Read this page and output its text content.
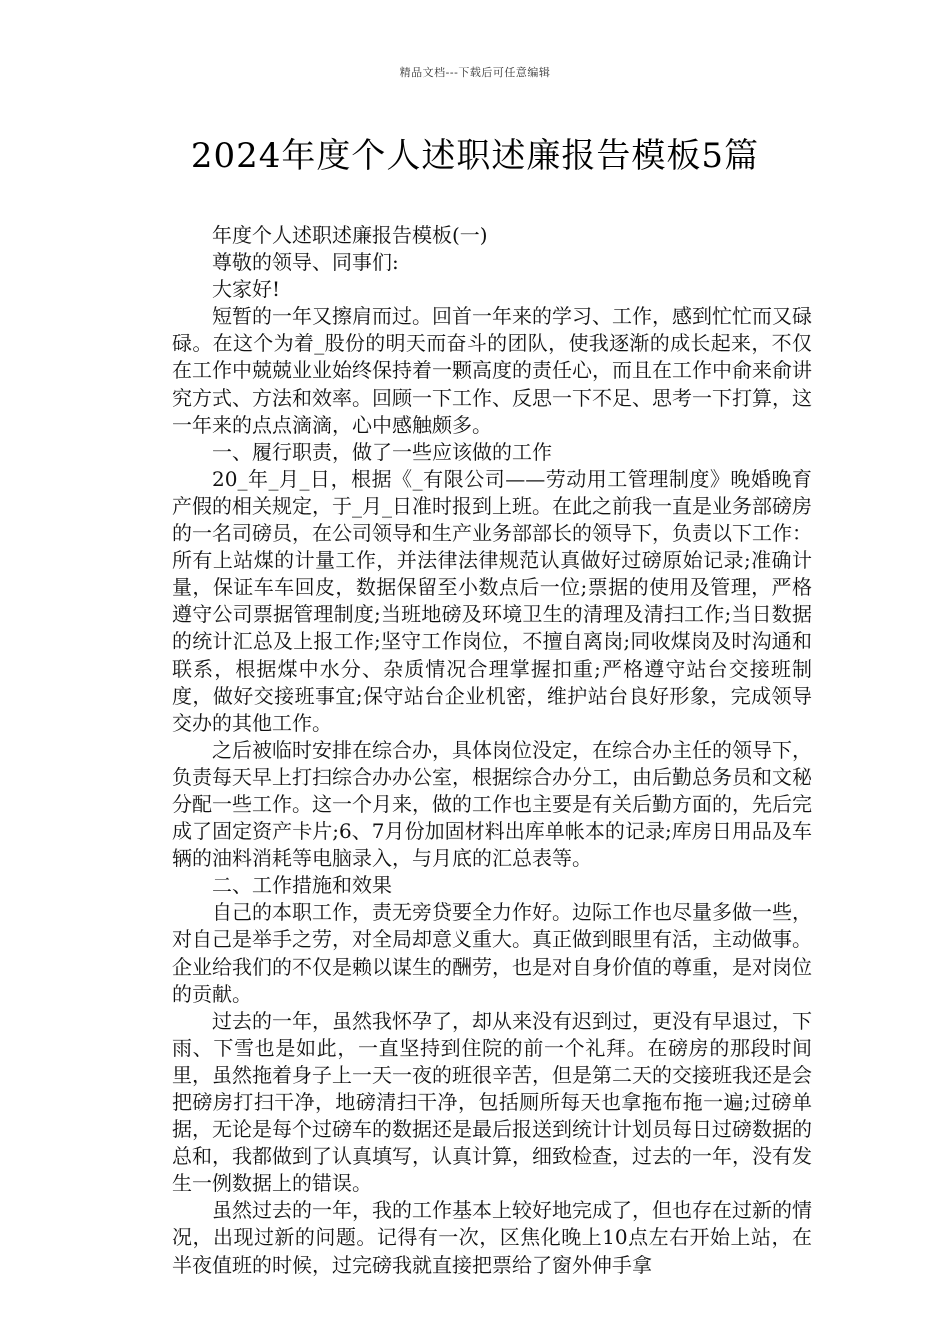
精品文档---下载后可任意编辑
2024年度个人述职述廉报告模板5篇

年度个人述职述廉报告模板(一)

尊敬的领导、同事们:

大家好!

短暂的一年又擦肩而过。回首一年来的学习、工作，感到忙忙而又碌碌。在这个为着_股份的明天而奋斗的团队，使我逐渐的成长起来，不仅在工作中兢兢业业始终保持着一颗高度的责任心，而且在工作中俞来俞讲究方式、方法和效率。回顾一下工作、反思一下不足、思考一下打算，这一年来的点点滴滴，心中感触颇多。

一、履行职责，做了一些应该做的工作

20_年_月_日，根据《_有限公司——劳动用工管理制度》晚婚晚育产假的相关规定，于_月_日准时报到上班。在此之前我一直是业务部磅房的一名司磅员，在公司领导和生产业务部部长的领导下，负责以下工作：所有上站煤的计量工作，并法律法律规范认真做好过磅原始记录;准确计量，保证车车回皮，数据保留至小数点后一位;票据的使用及管理，严格遵守公司票据管理制度;当班地磅及环境卫生的清理及清扫工作;当日数据的统计汇总及上报工作;坚守工作岗位，不擅自离岗;同收煤岗及时沟通和联系，根据煤中水分、杂质情况合理掌握扣重;严格遵守站台交接班制度，做好交接班事宜;保守站台企业机密，维护站台良好形象，完成领导交办的其他工作。

之后被临时安排在综合办，具体岗位没定，在综合办主任的领导下，负责每天早上打扫综合办办公室，根据综合办分工，由后勤总务员和文秘分配一些工作。这一个月来，做的工作也主要是有关后勤方面的，先后完成了固定资产卡片;6、7月份加固材料出库单帐本的记录;库房日用品及车辆的油料消耗等电脑录入，与月底的汇总表等。

二、工作措施和效果

自己的本职工作，责无旁贷要全力作好。边际工作也尽量多做一些，对自己是举手之劳，对全局却意义重大。真正做到眼里有活，主动做事。企业给我们的不仅是赖以谋生的酬劳，也是对自身价值的尊重，是对岗位的贡献。

过去的一年，虽然我怀孕了，却从来没有迟到过，更没有早退过，下雨、下雪也是如此，一直坚持到住院的前一个礼拜。在磅房的那段时间里，虽然拖着身子上一天一夜的班很辛苦，但是第二天的交接班我还是会把磅房打扫干净，地磅清扫干净，包括厕所每天也拿拖布拖一遍;过磅单据，无论是每个过磅车的数据还是最后报送到统计计划员每日过磅数据的总和，我都做到了认真填写，认真计算，细致检查，过去的一年，没有发生一例数据上的错误。

虽然过去的一年，我的工作基本上较好地完成了，但也存在过新的情况，出现过新的问题。记得有一次，区焦化晚上10点左右开始上站，在半夜值班的时候，过完磅我就直接把票给了窗外伸手拿
